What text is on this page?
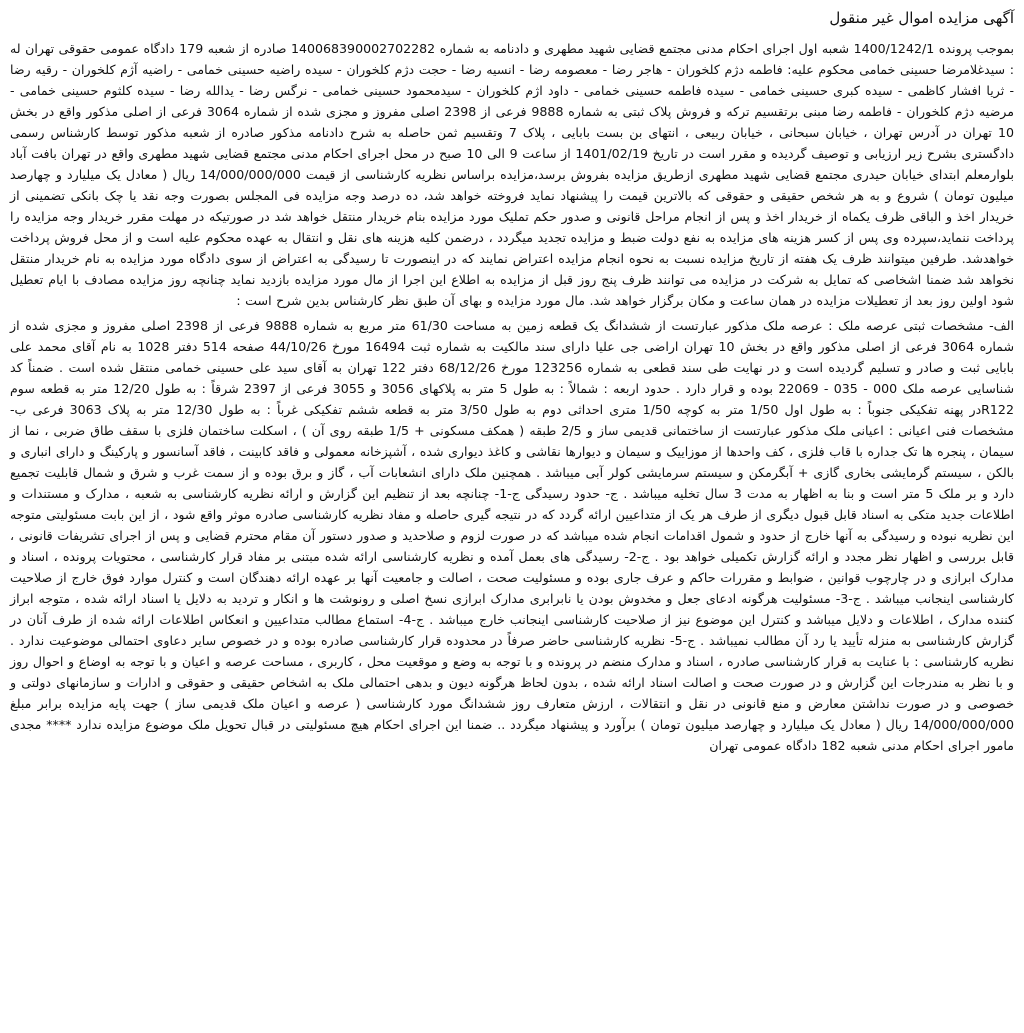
آگهی مزایده اموال غیر منقول

بموجب پرونده 1400/1242/1 شعبه اول اجرای احکام مدنی مجتمع قضایی شهید مطهری و دادنامه به شماره 140068390002702282 صادره از شعبه 179 دادگاه عمومی حقوقی تهران له : سیدغلامرضا حسینی خمامی محکوم علیه: فاطمه دژم کلخوران - هاجر رضا - معصومه رضا - انسیه رضا - حجت دژم کلخوران - سیده راضیه حسینی خمامی - راضیه آژم کلخوران - رقیه رضا - ثریا افشار کاظمی - سیده کبری حسینی خمامی - سیده فاطمه حسینی خمامی - داود اژم کلخوران - سیدمحمود حسینی خمامی - نرگس رضا - یدالله رضا - سیده کلثوم حسینی خمامی - مرضیه دژم کلخوران - فاطمه رضا مبنی برتقسیم ترکه و فروش پلاک ثبتی به شماره 9888 فرعی از 2398 اصلی مفروز و مجزی شده از شماره 3064 فرعی از اصلی مذکور واقع در بخش 10 تهران در آدرس تهران ، خیابان سبحانی ، خیابان ربیعی ، انتهای بن بست بابایی ، پلاک 7 وتقسیم ثمن حاصله به شرح دادنامه مذکور صادره از شعبه مذکور توسط کارشناس رسمی دادگستری بشرح زیر ارزیابی و توصیف گردیده و مقرر است در تاریخ 1401/02/19 از ساعت 9 الی 10 صبح در محل اجرای احکام مدنی مجتمع قضایی شهید مطهری واقع در تهران بافت آباد بلوارمعلم ابتدای خیابان حیدری مجتمع قضایی شهید مطهری ازطریق مزایده بفروش برسد،مزایده براساس نظریه کارشناسی از قیمت 14/000/000/000 ریال ( معادل یک میلیارد و چهارصد میلیون تومان ) شروع و به هر شخص حقیقی و حقوقی که بالاترین قیمت را پیشنهاد نماید فروخته خواهد شد، ده درصد وجه مزایده فی المجلس بصورت وجه نقد یا چک بانکی تضمینی از خریدار اخذ و الباقی ظرف یکماه از خریدار اخذ و پس از انجام مراحل قانونی و صدور حکم تملیک مورد مزایده بنام خریدار منتقل خواهد شد در صورتیکه در مهلت مقرر خریدار وجه مزایده را پرداخت ننماید،سپرده وی پس از کسر هزینه های مزایده به نفع دولت ضبط و مزایده تجدید میگردد ، درضمن کلیه هزینه های نقل و انتقال به عهده محکوم علیه است و از محل فروش پرداخت خواهدشد. طرفین میتوانند ظرف یک هفته از تاریخ مزایده نسبت به نحوه انجام مزایده اعتراض نمایند که در اینصورت تا رسیدگی به اعتراض از سوی دادگاه مورد مزایده به نام خریدار منتقل نخواهد شد ضمنا اشخاصی که تمایل به شرکت در مزایده می توانند ظرف پنج روز قبل از مزایده به اطلاع این اجرا از مال مورد مزایده بازدید نماید چنانچه روز مزایده مصادف با ایام تعطیل شود اولین روز بعد از تعطیلات مزایده در همان ساعت و مکان برگزار خواهد شد. مال مورد مزایده و بهای آن طبق نظر کارشناس بدین شرح است :

الف- مشخصات ثبتی عرصه ملک : عرصه ملک مذکور عبارتست از ششدانگ یک قطعه زمین به مساحت 61/30 متر مربع به شماره 9888 فرعی از 2398 اصلی مفروز و مجزی شده از شماره 3064 فرعی از اصلی مذکور واقع در بخش 10 تهران اراضی جی علیا دارای سند مالکیت به شماره ثبت 16494 مورخ 44/10/26 صفحه 514 دفتر 1028 به نام آقای محمد علی بابایی ثبت و صادر و تسلیم گردیده است و در نهایت طی سند قطعی به شماره 123256 مورخ 68/12/26 دفتر 122 تهران به آقای سید علی حسینی خمامی منتقل شده است . ضمناً کد شناسایی عرصه ملک 000 - 035 - 22069 بوده و قرار دارد . حدود اربعه : شمالاً : به طول 5 متر به پلاکهای 3056 و 3055 فرعی از 2397 شرقاً : به طول 12/20 متر به قطعه سوم R122در پهنه تفکیکی جنوباً : به طول اول 1/50 متر به کوچه 1/50 متری احداثی دوم به طول 3/50 متر به قطعه ششم تفکیکی غرباً : به طول 12/30 متر به پلاک 3063 فرعی ب- مشخصات فنی اعیانی : اعیانی ملک مذکور عبارتست از ساختمانی قدیمی ساز و 2/5 طبقه ( همکف مسکونی + 1/5 طبقه روی آن ) ، اسکلت ساختمان فلزی با سقف طاق ضربی ، نما از سیمان ، پنجره ها تک جداره با قاب فلزی ، کف واحدها از موزاییک و سیمان و دیوارها نقاشی و کاغذ دیواری شده ، آشپزخانه معمولی و فاقد کابینت ، فاقد آسانسور و پارکینگ و دارای انباری و بالکن ، سیستم گرمایشی بخاری گازی + آبگرمکن و سیستم سرمایشی کولر آبی میباشد . همچنین ملک دارای انشعابات آب ، گاز و برق بوده و از سمت غرب و شرق و شمال قابلیت تجمیع دارد و بر ملک 5 متر است و بنا به اظهار به مدت 3 سال تخلیه میباشد . ج- حدود رسیدگی ج-1- چنانچه بعد از تنظیم این گزارش و ارائه نظریه کارشناسی به شعبه ، مدارک و مستندات و اطلاعات جدید متکی به اسناد قابل قبول دیگری از طرف هر یک از متداعیین ارائه گردد که در نتیجه گیری حاصله و مفاد نظریه کارشناسی صادره موثر واقع شود ، از این بابت مسئولیتی متوجه این نظریه نبوده و رسیدگی به آنها خارج از حدود و شمول اقدامات انجام شده میباشد که در صورت لزوم و صلاحدید و صدور دستور آن مقام محترم قضایی و پس از اجرای تشریفات قانونی ، قابل بررسی و اظهار نظر مجدد و ارائه گزارش تکمیلی خواهد بود . ج-2- رسیدگی های بعمل آمده و نظریه کارشناسی ارائه شده مبتنی بر مفاد قرار کارشناسی ، محتویات پرونده ، اسناد و مدارک ابرازی و در چارچوب قوانین ، ضوابط و مقررات حاکم و عرف جاری بوده و مسئولیت صحت ، اصالت و جامعیت آنها بر عهده ارائه دهندگان است و کنترل موارد فوق خارج از صلاحیت کارشناسی اینجانب میباشد . ج-3- مسئولیت هرگونه ادعای جعل و مخدوش بودن یا نابرابری مدارک ابرازی نسخ اصلی و رونوشت ها و انکار و تردید به دلایل یا اسناد ارائه شده ، متوجه ابراز کننده مدارک ، اطلاعات و دلایل میباشد و کنترل این موضوع نیز از صلاحیت کارشناسی اینجانب خارج میباشد . ج-4- استماع مطالب متداعیین و انعکاس اطلاعات ارائه شده از طرف آنان در گزارش کارشناسی به منزله تأیید یا رد آن مطالب نمیباشد . ج-5- نظریه کارشناسی حاضر صرفاً در محدوده قرار کارشناسی صادره بوده و در خصوص سایر دعاوی احتمالی موضوعیت ندارد . نظریه کارشناسی : با عنایت به قرار کارشناسی صادره ، اسناد و مدارک منضم در پرونده و با توجه به وضع و موقعیت محل ، کاربری ، مساحت عرصه و اعیان و با توجه به اوضاع و احوال روز و با نظر به مندرجات این گزارش و در صورت صحت و اصالت اسناد ارائه شده ، بدون لحاظ هرگونه دیون و بدهی احتمالی ملک به اشخاص حقیقی و حقوقی و ادارات و سازمانهای دولتی و خصوصی و در صورت نداشتن معارض و منع قانونی در نقل و انتقالات ، ارزش متعارف روز ششدانگ مورد کارشناسی ( عرصه و اعیان ملک قدیمی ساز ) جهت پایه مزایده برابر مبلغ 14/000/000/000 ریال ( معادل یک میلیارد و چهارصد میلیون تومان ) برآورد و پیشنهاد میگردد .. ضمنا این اجرای احکام هیچ مسئولیتی در قبال تحویل ملک موضوع مزایده ندارد **** مجدی مامور اجرای احکام مدنی شعبه 182 دادگاه عمومی تهران
